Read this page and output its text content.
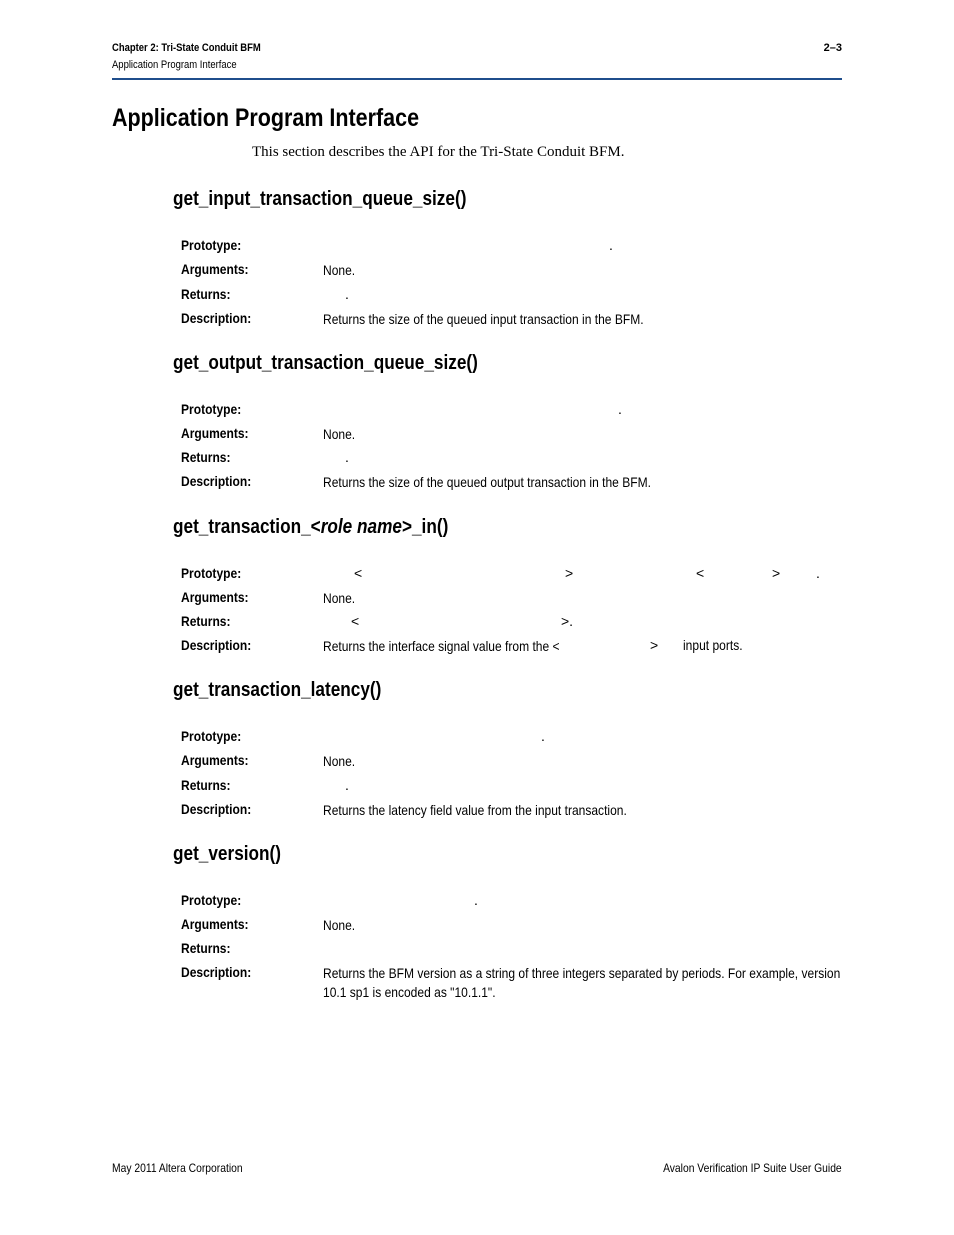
Chapter 2: Tri-State Conduit BFM
Application Program Interface
2–3
Application Program Interface

This section describes the API for the Tri-State Conduit BFM.

get_input_transaction_queue_size()
Prototype:	.
Arguments:	None.
Returns:	.
Description:	Returns the size of the queued input transaction in the BFM.
get_output_transaction_queue_size()
Prototype:	.
Arguments:	None.
Returns:	.
Description:	Returns the size of the queued output transaction in the BFM.
get_transaction_<role name>_in()
Prototype:	<	>	<	>	.
Arguments:	None.
Returns:	<	>.
Description:	Returns the interface signal value from the <	> input ports.
get_transaction_latency()
Prototype:	.
Arguments:	None.
Returns:	.
Description:	Returns the latency field value from the input transaction.
get_version()
Prototype:	.
Arguments:	None.
Returns:
Description:	Returns the BFM version as a string of three integers separated by periods. For example, version 10.1 sp1 is encoded as "10.1.1".
May 2011 Altera Corporation	Avalon Verification IP Suite User Guide
